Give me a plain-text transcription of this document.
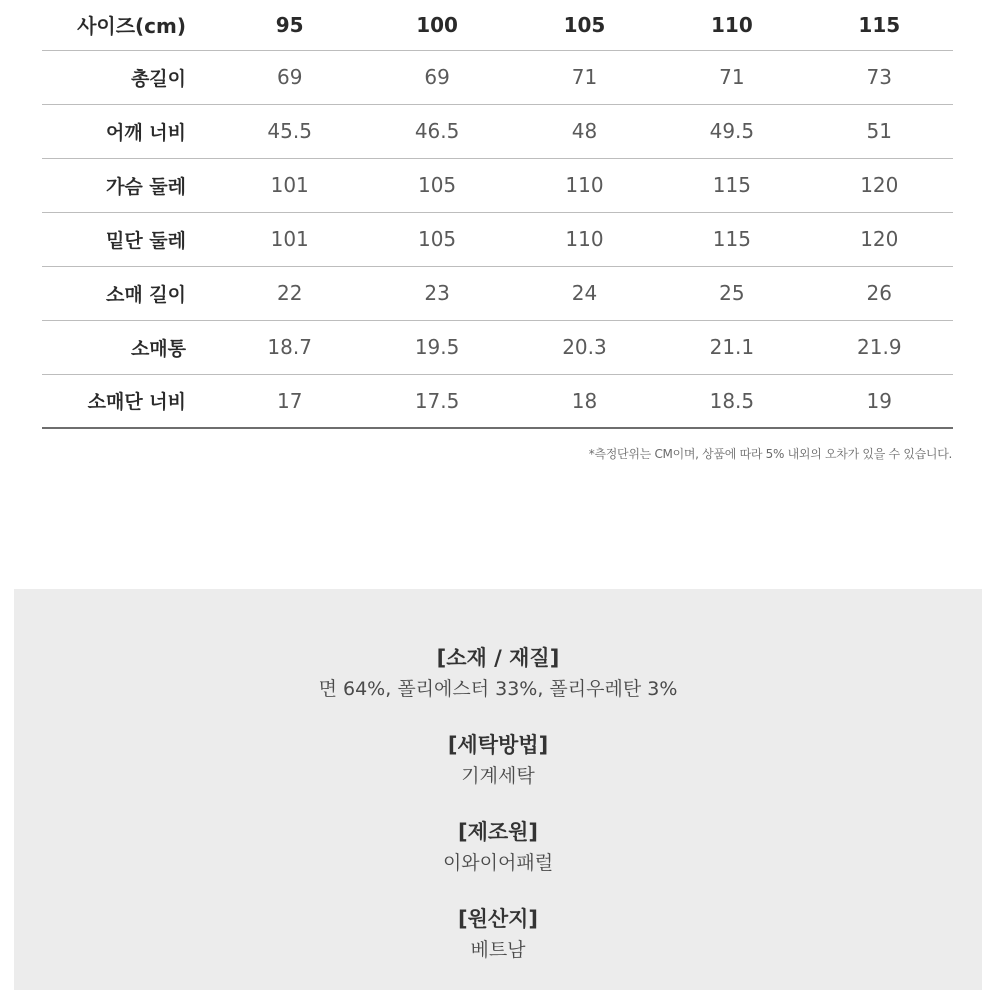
사이즈(cm)	95	100	105	110	115
총길이	69	69	71	71	73
어깨 너비	45.5	46.5	48	49.5	51
가슴 둘레	101	105	110	115	120
밑단 둘레	101	105	110	115	120
소매 길이	22	23	24	25	26
소매통	18.7	19.5	20.3	21.1	21.9
소매단 너비	17	17.5	18	18.5	19
*측정단위는 CM이며, 상품에 따라 5% 내외의 오차가 있을 수 있습니다.
[소재 / 재질]
면 64%, 폴리에스터 33%, 폴리우레탄 3%
[세탁방법]
기계세탁
[제조원]
이와이어패럴
[원산지]
베트남
